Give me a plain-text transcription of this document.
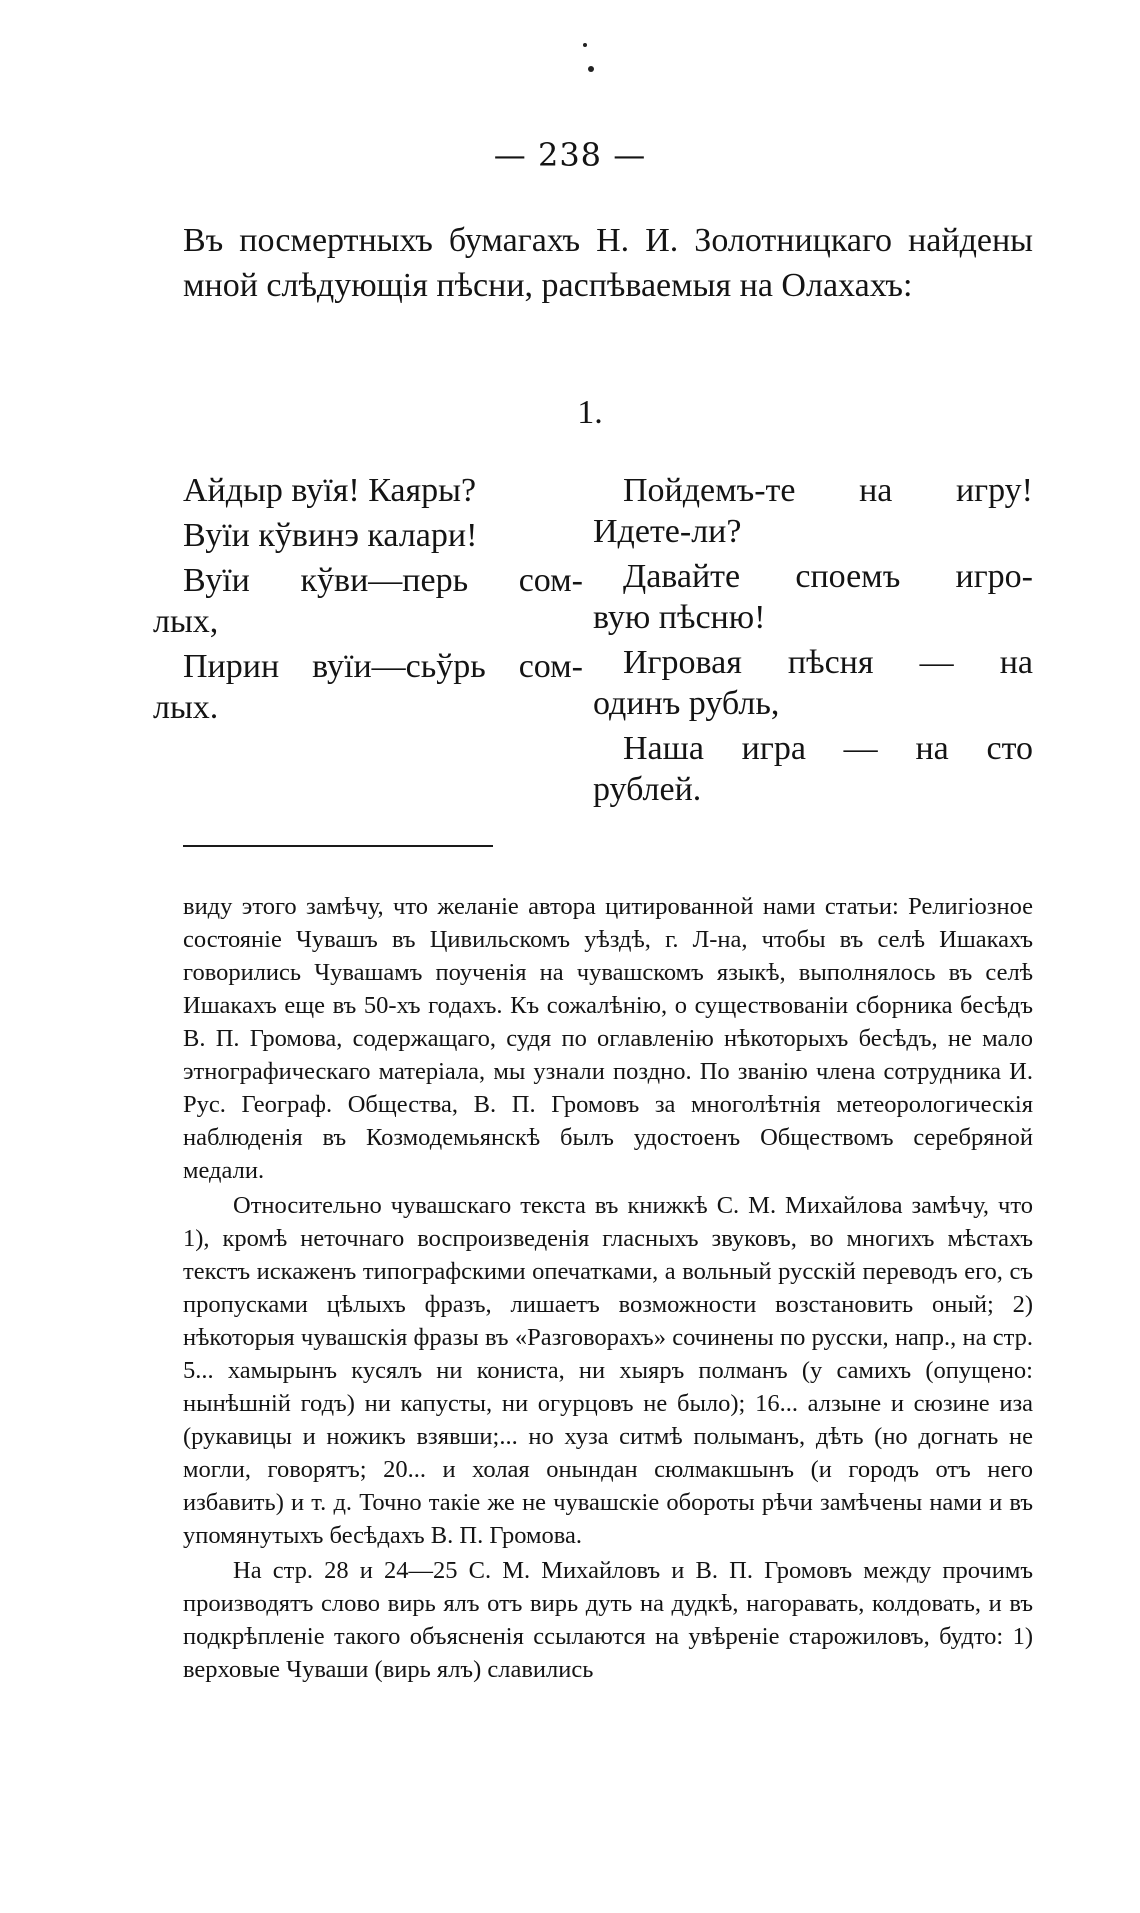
— 238 —
Въ посмертныхъ бумагахъ Н. И. Золотницкаго найдены мной слѣдующія пѣсни, распѣваемыя на Олахахъ:
1.
Айдыр вуїя! Каяры?
Вуїи кўвинэ калари!
Вуїи кўви—перь сом-
лых,
Пирин вуїи—сьўрь сом-
лых.
Пойдемъ-те на игру!
Идете-ли?
Давайте споемъ игро-
вую пѣсню!
Игровая пѣсня — на
одинъ рубль,
Наша игра — на сто
рублей.

виду этого замѣчу, что желаніе автора цитированной нами статьи: Религіозное состояніе Чувашъ въ Цивильскомъ уѣздѣ, г. Л-на, чтобы въ селѣ Ишакахъ говорились Чувашамъ поученія на чувашскомъ языкѣ, выполнялось въ селѣ Ишакахъ еще въ 50-хъ годахъ. Къ сожалѣнію, о существованіи сборника бесѣдъ В. П. Громова, содержащаго, судя по оглавленію нѣкоторыхъ бесѣдъ, не мало этнографическаго матеріала, мы узнали поздно. По званію члена сотрудника И. Рус. Географ. Общества, В. П. Громовъ за многолѣтнія метеорологическія наблюденія въ Козмодемьянскѣ былъ удостоенъ Обществомъ серебряной медали.

Относительно чувашскаго текста въ книжкѣ С. М. Михайлова замѣчу, что 1), кромѣ неточнаго воспроизведенія гласныхъ звуковъ, во многихъ мѣстахъ текстъ искаженъ типографскими опечатками, а вольный русскій переводъ его, съ пропусками цѣлыхъ фразъ, лишаетъ возможности возстановить оный; 2) нѣкоторыя чувашскія фразы въ «Разговорахъ» сочинены по русски, напр., на стр. 5... хамырынъ кусялъ ни кониста, ни хыяръ полманъ (у самихъ (опущено: нынѣшній годъ) ни капусты, ни огурцовъ не было); 16... алзыне и сюзине иза (рукавицы и ножикъ взявши;... но хуза ситмѣ полыманъ, дѣть (но догнать не могли, говорятъ; 20... и холая онындан сюлмакшынъ (и городъ отъ него избавить) и т. д. Точно такіе же не чувашскіе обороты рѣчи замѣчены нами и въ упомянутыхъ бесѣдахъ В. П. Громова.

На стр. 28 и 24—25 С. М. Михайловъ и В. П. Громовъ между прочимъ производятъ слово вирь ялъ отъ вирь дуть на дудкѣ, нагоравать, колдовать, и въ подкрѣпленіе такого объясненія ссылаются на увѣреніе старожиловъ, будто: 1) верховые Чуваши (вирь ялъ) славились
